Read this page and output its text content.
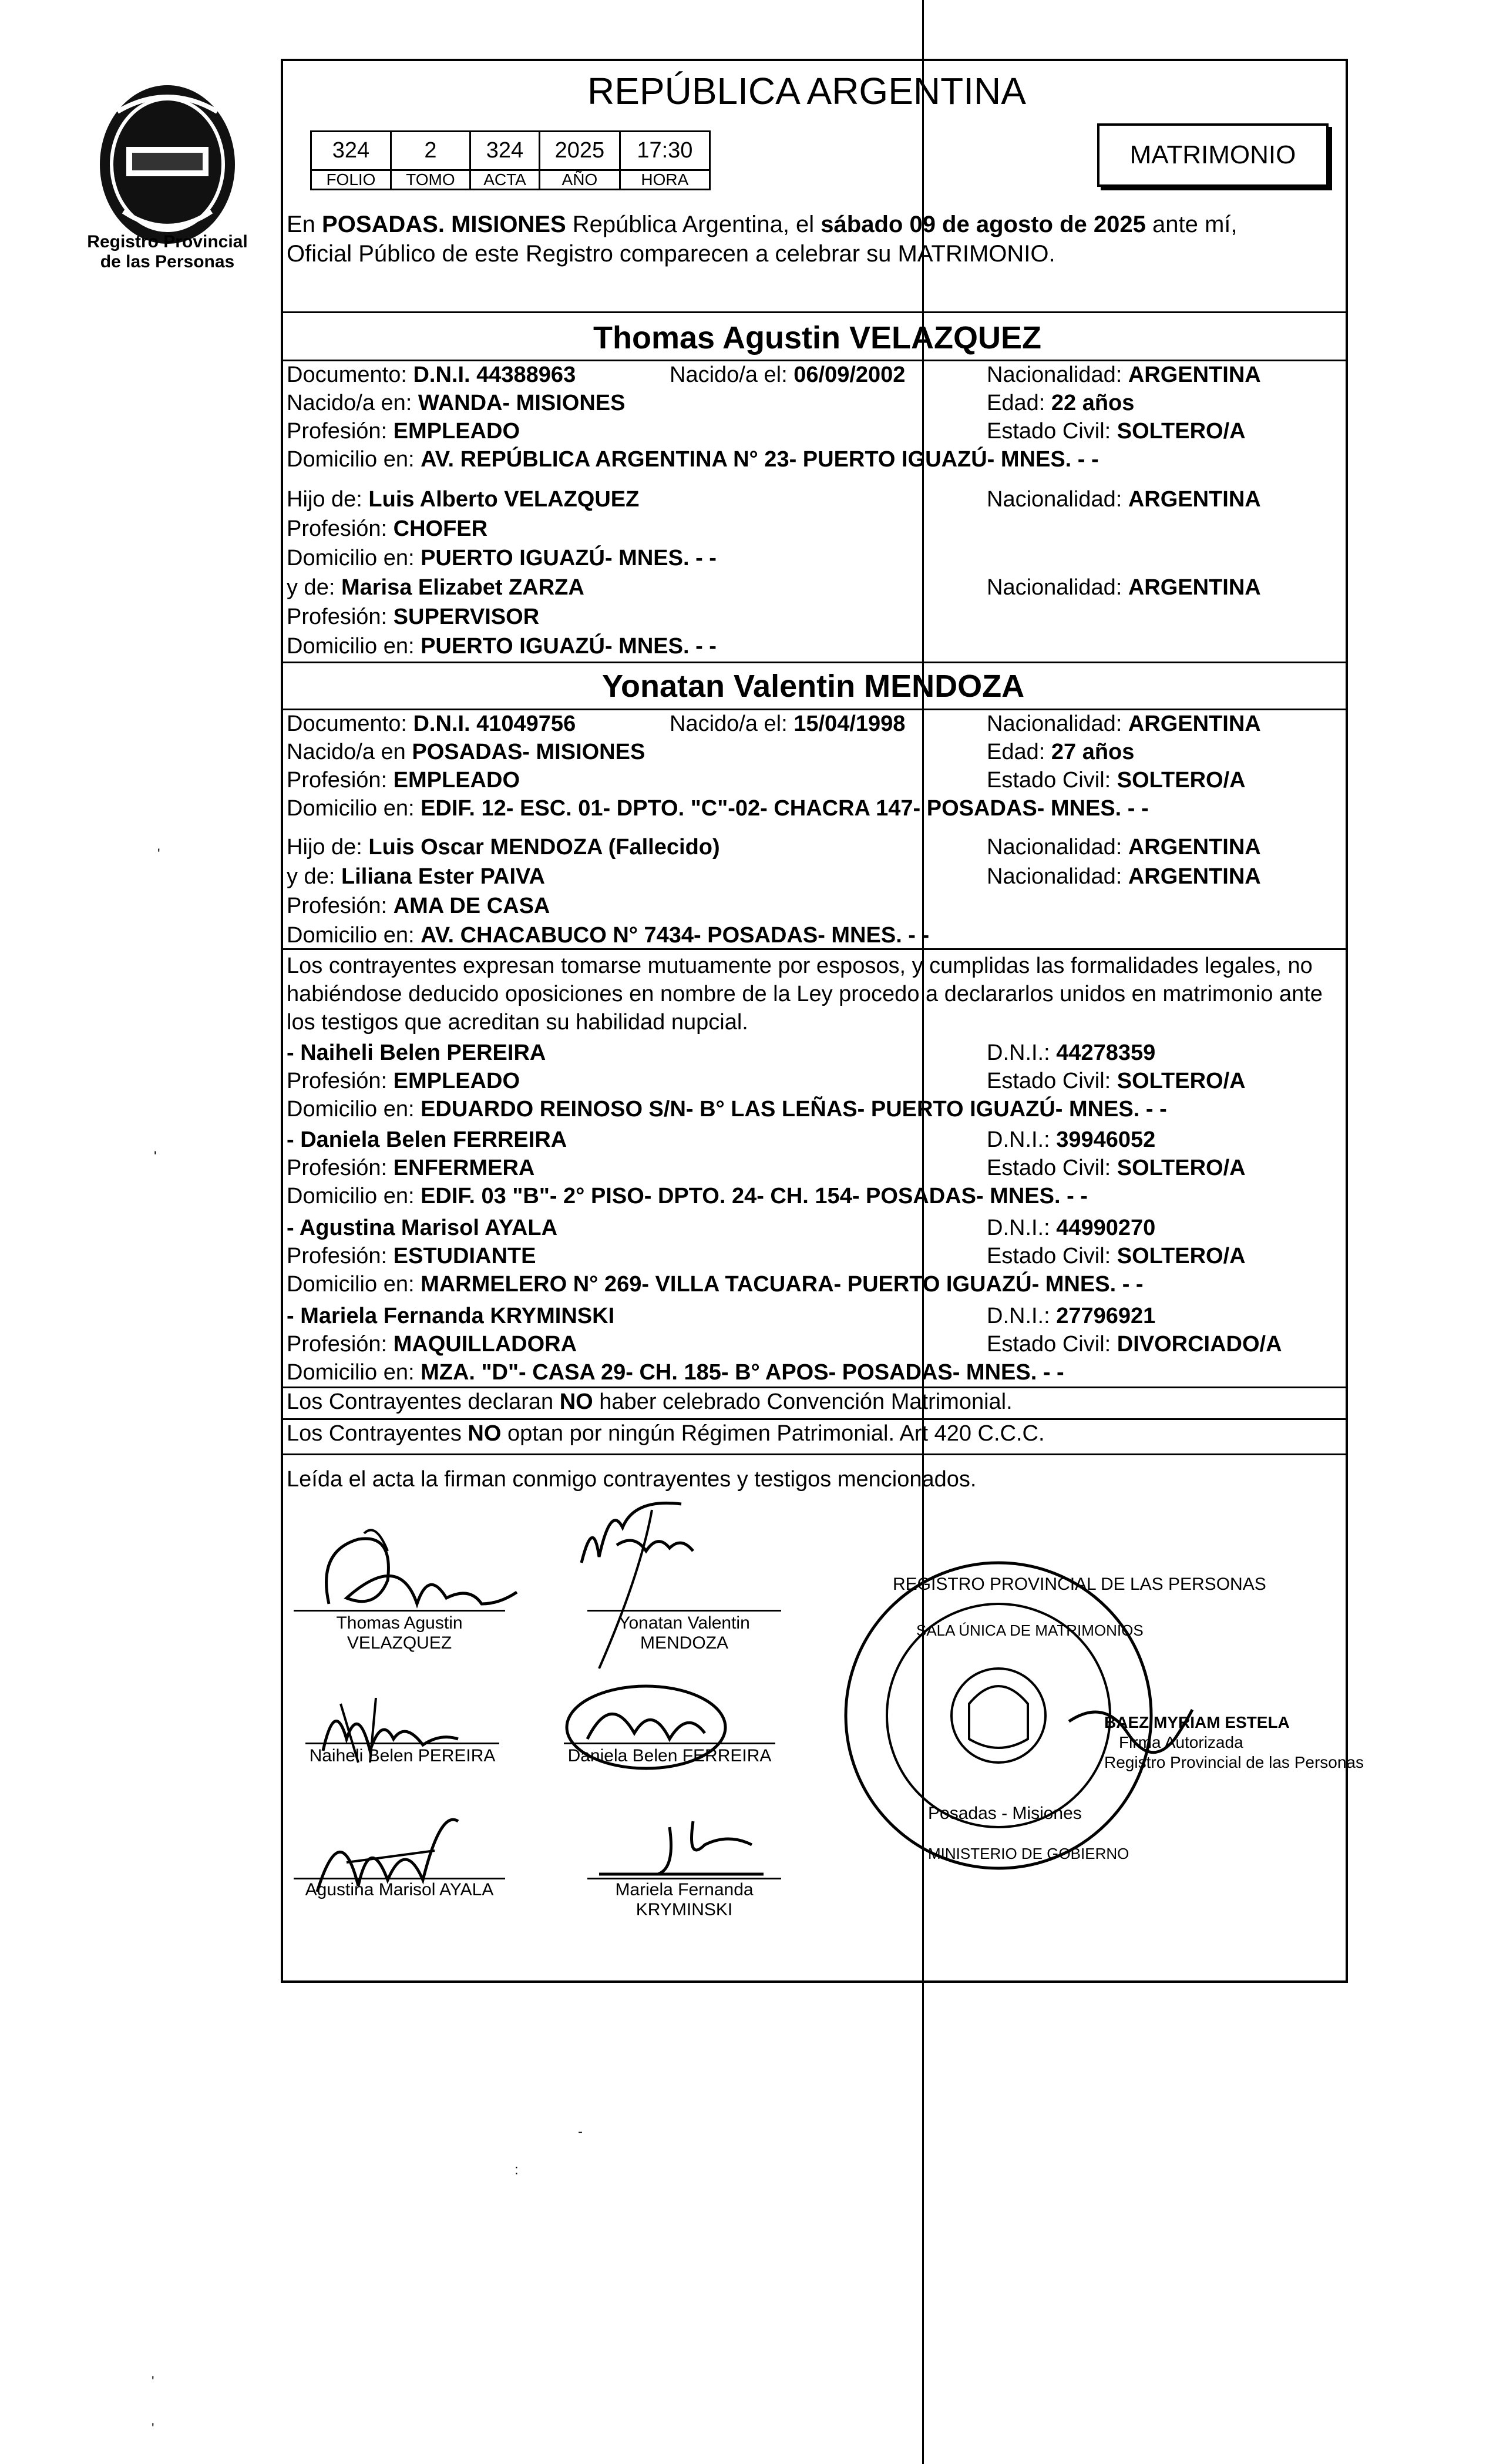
Registro Provincial de las Personas
REPÚBLICA ARGENTINA
324	2	324	2025	17:30
FOLIO	TOMO	ACTA	AÑO	HORA
MATRIMONIO
En POSADAS. MISIONES República Argentina, el sábado 09 de agosto de 2025 ante mí,
Oficial Público de este Registro comparecen a celebrar su MATRIMONIO.
Thomas Agustin VELAZQUEZ
Documento: D.N.I. 44388963	Nacido/a el: 06/09/2002	Nacionalidad: ARGENTINA
Nacido/a en: WANDA- MISIONES	Edad: 22 años
Profesión: EMPLEADO	Estado Civil: SOLTERO/A
Domicilio en: AV. REPÚBLICA ARGENTINA N° 23- PUERTO IGUAZÚ- MNES. - -
Hijo de: Luis Alberto VELAZQUEZ	Nacionalidad: ARGENTINA
Profesión: CHOFER
Domicilio en: PUERTO IGUAZÚ- MNES. - -
y de: Marisa Elizabet ZARZA	Nacionalidad: ARGENTINA
Profesión: SUPERVISOR
Domicilio en: PUERTO IGUAZÚ- MNES. - -
Yonatan Valentin MENDOZA
Documento: D.N.I. 41049756	Nacido/a el: 15/04/1998	Nacionalidad: ARGENTINA
Nacido/a en POSADAS- MISIONES	Edad: 27 años
Profesión: EMPLEADO	Estado Civil: SOLTERO/A
Domicilio en: EDIF. 12- ESC. 01- DPTO. "C"-02- CHACRA 147- POSADAS- MNES. - -
Hijo de: Luis Oscar MENDOZA (Fallecido)	Nacionalidad: ARGENTINA
y de: Liliana Ester PAIVA	Nacionalidad: ARGENTINA
Profesión: AMA DE CASA
Domicilio en: AV. CHACABUCO N° 7434- POSADAS- MNES. - -
Los contrayentes expresan tomarse mutuamente por esposos, y cumplidas las formalidades legales, no
habiéndose deducido oposiciones en nombre de la Ley procedo a declararlos unidos en matrimonio ante
los testigos que acreditan su habilidad nupcial.
- Naiheli Belen PEREIRA	D.N.I.: 44278359
Profesión: EMPLEADO	Estado Civil: SOLTERO/A
Domicilio en: EDUARDO REINOSO S/N- B° LAS LEÑAS- PUERTO IGUAZÚ- MNES. - -
- Daniela Belen FERREIRA	D.N.I.: 39946052
Profesión: ENFERMERA	Estado Civil: SOLTERO/A
Domicilio en: EDIF. 03 "B"- 2° PISO- DPTO. 24- CH. 154- POSADAS- MNES. - -
- Agustina Marisol AYALA	D.N.I.: 44990270
Profesión: ESTUDIANTE	Estado Civil: SOLTERO/A
Domicilio en: MARMELERO N° 269- VILLA TACUARA- PUERTO IGUAZÚ- MNES. - -
- Mariela Fernanda KRYMINSKI	D.N.I.: 27796921
Profesión: MAQUILLADORA	Estado Civil: DIVORCIADO/A
Domicilio en: MZA. "D"- CASA 29- CH. 185- B° APOS- POSADAS- MNES. - -
Los Contrayentes declaran NO haber celebrado Convención Matrimonial.
Los Contrayentes NO optan por ningún Régimen Patrimonial. Art 420 C.C.C.
Leída el acta la firman conmigo contrayentes y testigos mencionados.
Thomas Agustin
VELAZQUEZ
Yonatan Valentin
MENDOZA
Naiheli Belen PEREIRA	Daniela Belen FERREIRA
Agustina Marisol AYALA	Mariela Fernanda
KRYMINSKI
REGISTRO PROVINCIAL DE LAS PERSONAS
SALA ÚNICA DE MATRIMONIOS
Posadas - Misiones
MINISTERIO DE GOBIERNO
BAEZ MYRIAM ESTELA
Firma Autorizada
Registro Provincial de las Personas
'
'
-
:
'
'
